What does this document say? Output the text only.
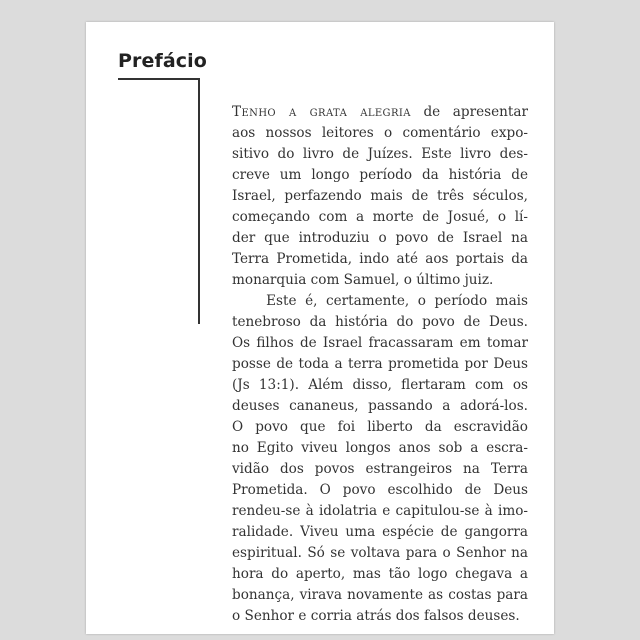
Prefácio
Tenho a grata alegria de apresentar
aos nossos leitores o comentário expo-
sitivo do livro de Juízes. Este livro des-
creve um longo período da história de
Israel, perfazendo mais de três séculos,
começando com a morte de Josué, o lí-
der que introduziu o povo de Israel na
Terra Prometida, indo até aos portais da
monarquia com Samuel, o último juiz.
Este é, certamente, o período mais
tenebroso da história do povo de Deus.
Os filhos de Israel fracassaram em tomar
posse de toda a terra prometida por Deus
(Js 13:1). Além disso, flertaram com os
deuses cananeus, passando a adorá-los.
O povo que foi liberto da escravidão
no Egito viveu longos anos sob a escra-
vidão dos povos estrangeiros na Terra
Prometida. O povo escolhido de Deus
rendeu-se à idolatria e capitulou-se à imo-
ralidade. Viveu uma espécie de gangorra
espiritual. Só se voltava para o Senhor na
hora do aperto, mas tão logo chegava a
bonança, virava novamente as costas para
o Senhor e corria atrás dos falsos deuses.
